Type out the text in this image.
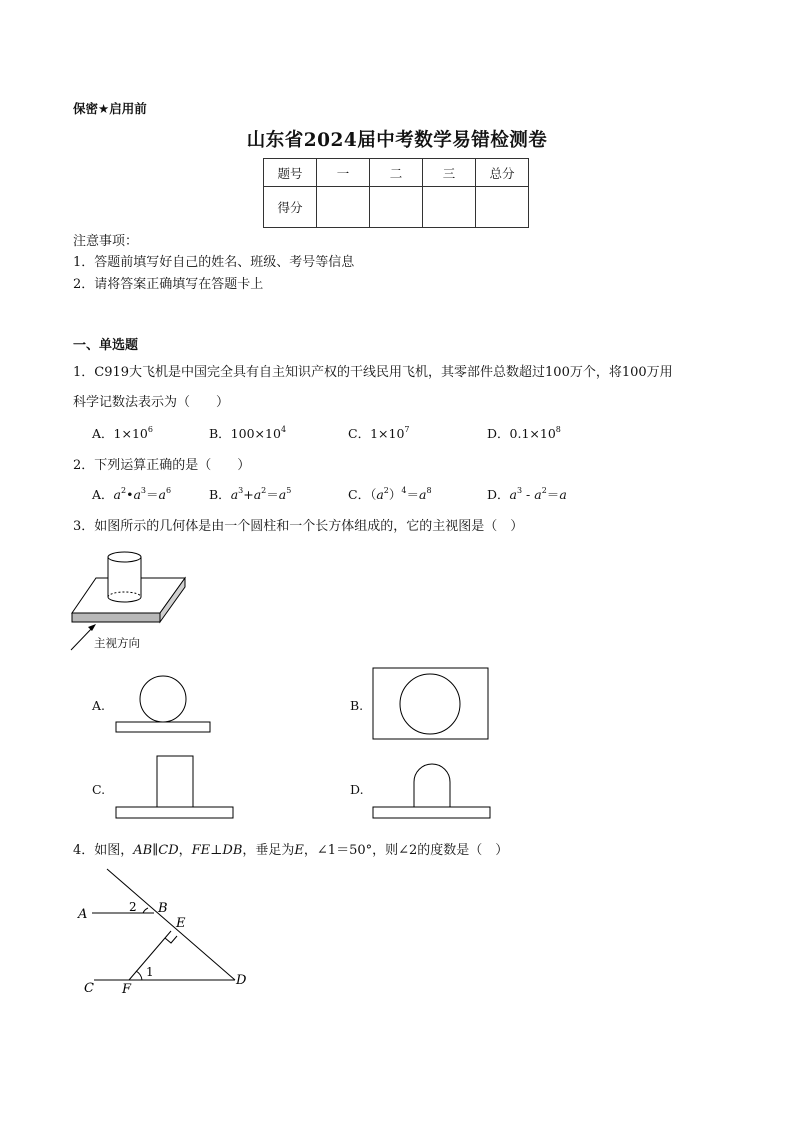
保密★启用前
山东省2024届中考数学易错检测卷
题号	一	二	三	总分
得分				
注意事项：
1．答题前填写好自己的姓名、班级、考号等信息
2．请将答案正确填写在答题卡上
一、单选题
1．C919大飞机是中国完全具有自主知识产权的干线民用飞机，其零部件总数超过100万个，将100万用
科学记数法表示为（　　）
A．$1\times 10^6$	B．$100\times 10^4$	C．$1\times 10^7$	D．$0.1\times 10^8$
2．下列运算正确的是（　　）
A．$a^2•a^3=a^6$	B．$a^3+a^2=a^5$	C．$(a^2)^4=a^8$	D．$a^3 - a^2=a$
3．如图所示的几何体是由一个圆柱和一个长方体组成的，它的主视图是（　）
主视方向
A.	B.
C.	D.
4．如图，AB∥CD，FE⊥DB，垂足为E，∠1＝50°，则∠2的度数是（　）
A	B
C
D
E
F
1
2
